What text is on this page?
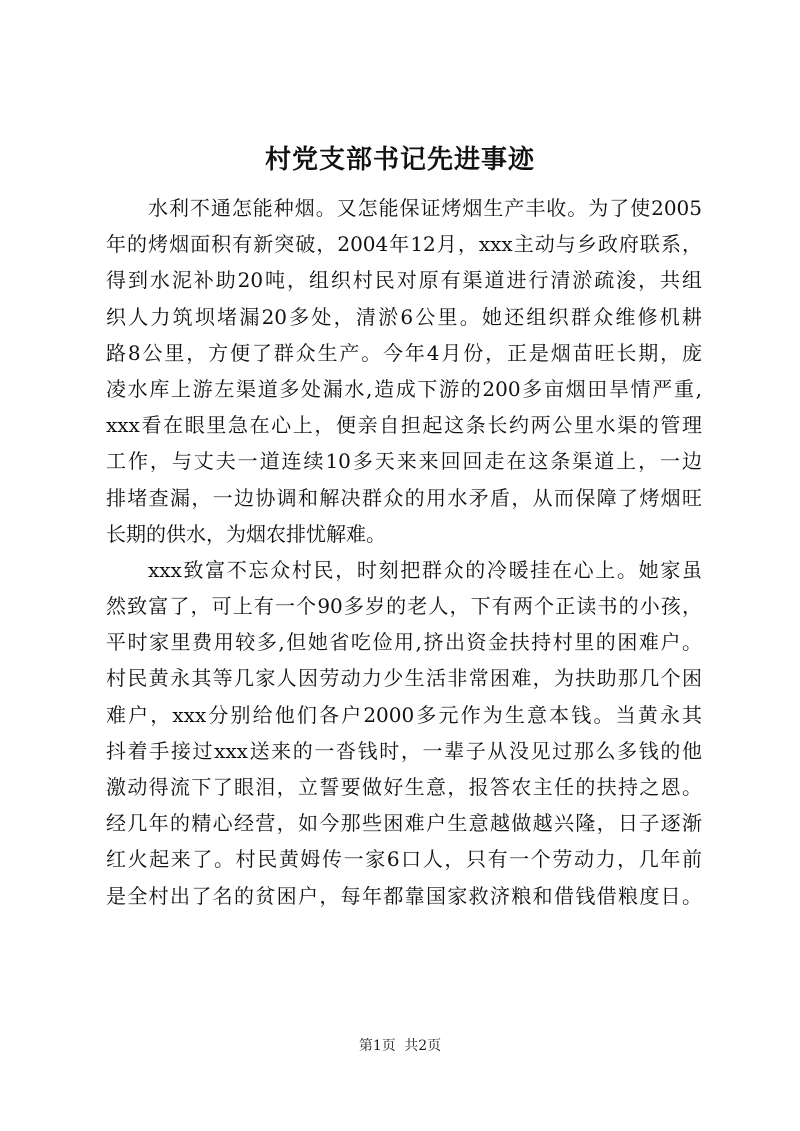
村党支部书记先进事迹
水利不通怎能种烟。又怎能保证烤烟生产丰收。为了使2005
年的烤烟面积有新突破，2004年12月，xxx主动与乡政府联系，
得到水泥补助20吨，组织村民对原有渠道进行清淤疏浚，共组
织人力筑坝堵漏20多处，清淤6公里。她还组织群众维修机耕
路8公里，方便了群众生产。今年4月份，正是烟苗旺长期，庞
凌水库上游左渠道多处漏水,造成下游的200多亩烟田旱情严重,
xxx看在眼里急在心上，便亲自担起这条长约两公里水渠的管理
工作，与丈夫一道连续10多天来来回回走在这条渠道上，一边
排堵查漏，一边协调和解决群众的用水矛盾，从而保障了烤烟旺
长期的供水，为烟农排忧解难。
xxx致富不忘众村民，时刻把群众的冷暖挂在心上。她家虽
然致富了，可上有一个90多岁的老人，下有两个正读书的小孩，
平时家里费用较多,但她省吃俭用,挤出资金扶持村里的困难户。
村民黄永其等几家人因劳动力少生活非常困难，为扶助那几个困
难户，xxx分别给他们各户2000多元作为生意本钱。当黄永其
抖着手接过xxx送来的一沓钱时，一辈子从没见过那么多钱的他
激动得流下了眼泪，立誓要做好生意，报答农主任的扶持之恩。
经几年的精心经营，如今那些困难户生意越做越兴隆，日子逐渐
红火起来了。村民黄姆传一家6口人，只有一个劳动力，几年前
是全村出了名的贫困户，每年都靠国家救济粮和借钱借粮度日。
第1页 共2页
